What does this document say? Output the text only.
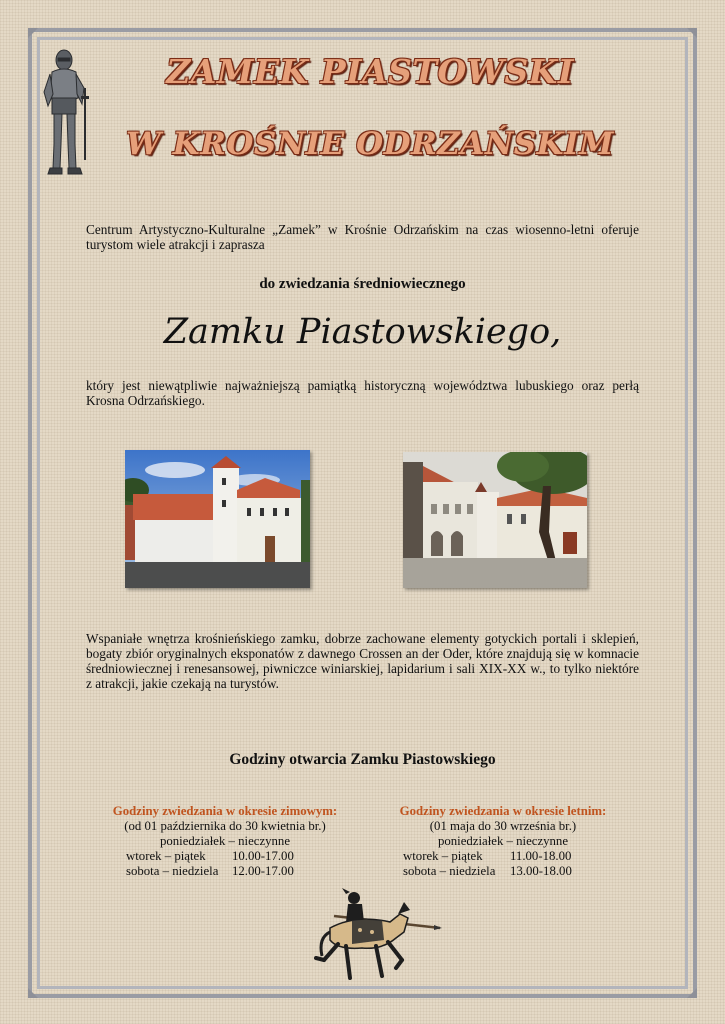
ZAMEK PIASTOWSKI
W KROŚNIE ODRZAŃSKIM
Centrum Artystyczno-Kulturalne „Zamek” w Krośnie Odrzańskim na czas wiosenno-letni oferuje turystom wiele atrakcji i zaprasza
do zwiedzania średniowiecznego
Zamku Piastowskiego,
który jest niewątpliwie najważniejszą pamiątką historyczną województwa lubuskiego oraz perłą Krosna Odrzańskiego.
Wspaniałe wnętrza krośnieńskiego zamku, dobrze zachowane elementy gotyckich portali i sklepień, bogaty zbiór oryginalnych eksponatów z dawnego Crossen an der Oder, które znajdują się w komnacie średniowiecznej i renesansowej, piwniczce winiarskiej, lapidarium i sali XIX-XX w., to tylko niektóre z atrakcji, jakie czekają na turystów.
Godziny otwarcia Zamku Piastowskiego
Godziny zwiedzania w okresie zimowym:
(od 01 października do 30 kwietnia br.)
poniedziałek – nieczynne
wtorek – piątek	10.00-17.00
sobota – niedziela	12.00-17.00
Godziny zwiedzania w okresie letnim:
(01 maja do 30 września br.)
poniedziałek – nieczynne
wtorek – piątek	11.00-18.00
sobota – niedziela	13.00-18.00
